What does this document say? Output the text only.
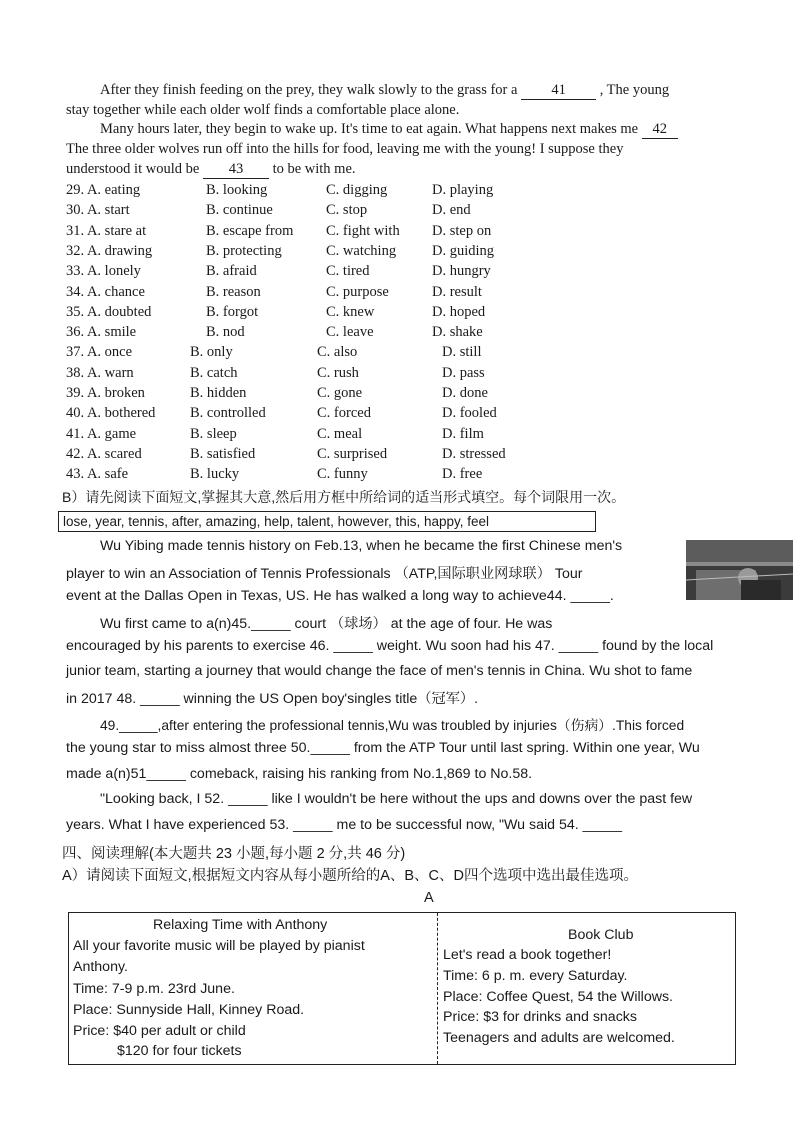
After they finish feeding on the prey, they walk slowly to the grass for a 41 , The young
stay together while each older wolf finds a comfortable place alone.
Many hours later, they begin to wake up. It's time to eat again. What happens next makes me 42
The three older wolves run off into the hills for food, leaving me with the young! I suppose they
understood it would be 43 to be with me.
29. A. eating	B. looking	C. digging	D. playing
30. A. start	B. continue	C. stop	D. end
31. A. stare at	B. escape from C. fight with D. step on
32. A. drawing	B. protecting	C. watching D. guiding
33. A. lonely	B. afraid	C. tired	D. hungry
34. A. chance	B. reason	C. purpose	D. result
35. A. doubted	B. forgot	C. knew	D. hoped
36. A. smile	B. nod	C. leave	D. shake
37. A. once	B. only	C. also	D. still
38. A. warn	B. catch	C. rush	D. pass
39. A. broken	B. hidden	C. gone	D. done
40. A. bothered B. controlled	C. forced	D. fooled
41. A. game	B. sleep	C. meal	D. film
42. A. scared	B. satisfied	C. surprised	D. stressed
43. A. safe	B. lucky	C. funny	D. free
B）请先阅读下面短文,掌握其大意,然后用方框中所给词的适当形式填空。每个词限用一次。
lose, year, tennis, after, amazing, help, talent, however, this, happy, feel
Wu Yibing made tennis history on Feb.13, when he became the first Chinese men's
player to win an Association of Tennis Professionals （ATP,国际职业网球联） Tour
event at the Dallas Open in Texas, US. He has walked a long way to achieve44. _____.
Wu first came to a(n)45._____ court （球场） at the age of four. He was
encouraged by his parents to exercise 46. _____ weight. Wu soon had his 47. _____ found by the local
junior team, starting a journey that would change the face of men's tennis in China. Wu shot to fame
in 2017 48. _____ winning the US Open boy'singles title（冠军）.
49._____,after entering the professional tennis,Wu was troubled by injuries（伤病）.This forced
the young star to miss almost three 50._____ from the ATP Tour until last spring. Within one year, Wu
made a(n)51_____ comeback, raising his ranking from No.1,869 to No.58.
"Looking back, I 52. _____ like I wouldn't be here without the ups and downs over the past few
years. What I have experienced 53. _____ me to be successful now, "Wu said 54. _____
四、阅读理解(本大题共 23 小题,每小题 2 分,共 46 分)
A）请阅读下面短文,根据短文内容从每小题所给的A、B、C、D四个选项中选出最佳选项。
A
Relaxing Time with Anthony
All your favorite music will be played by pianist
Anthony.
Time: 7-9 p.m. 23rd June.
Place: Sunnyside Hall, Kinney Road.
Price: $40 per adult or child
$120 for four tickets
Book Club
Let's read a book together!
Time: 6 p. m. every Saturday.
Place: Coffee Quest, 54 the Willows.
Price: $3 for drinks and snacks
Teenagers and adults are welcomed.
